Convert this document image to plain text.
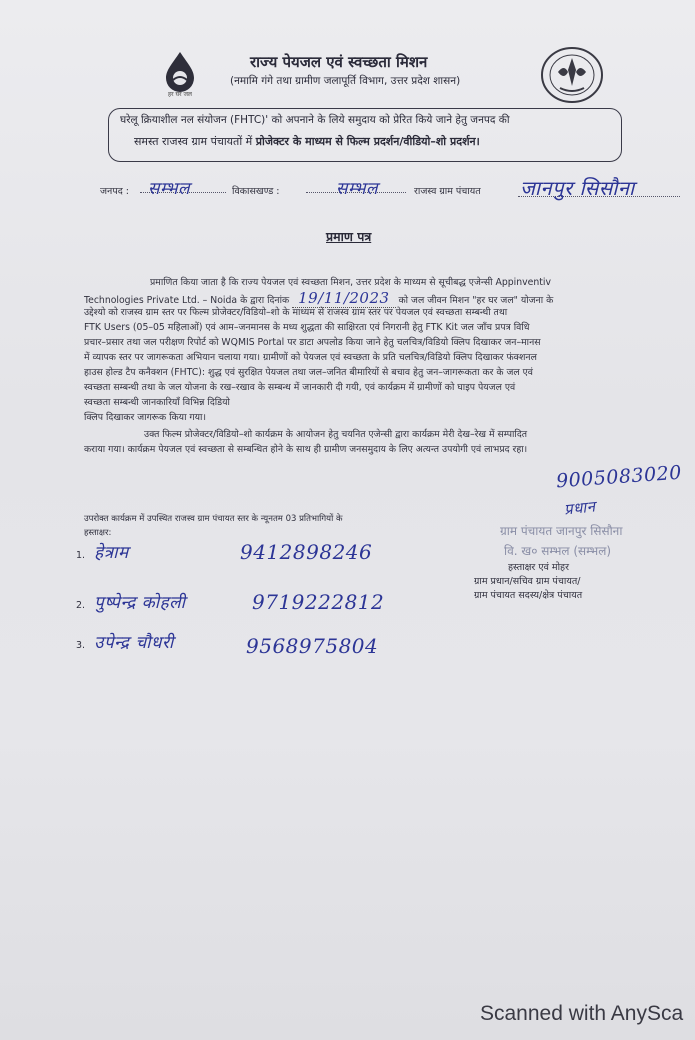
हर घर जल
राज्य पेयजल एवं स्वच्छता मिशन
(नमामि गंगे तथा ग्रामीण जलापूर्ति विभाग, उत्तर प्रदेश शासन)
घरेलू क्रियाशील नल संयोजन (FHTC)' को अपनाने के लिये समुदाय को प्रेरित किये जाने हेतु जनपद की
समस्त राजस्व ग्राम पंचायतों में प्रोजेक्टर के माध्यम से फिल्म प्रदर्शन/वीडियो–शो प्रदर्शन।
जनपद : सम्भल	विकासखण्ड :	सम्भल	राजस्व ग्राम पंचायत जानपुर सिसौना
प्रमाण पत्र
प्रमाणित किया जाता है कि राज्य पेयजल एवं स्वच्छता मिशन, उत्तर प्रदेश के माध्यम से सूचीबद्ध एजेन्सी Appinventiv
Technologies Private Ltd. – Noida के द्वारा दिनांक 19/11/2023 को जल जीवन मिशन "हर घर जल" योजना के
उद्देश्यो को राजस्व ग्राम स्तर पर फिल्म प्रोजेक्टर/विडियो–शो के माध्यम से राजस्व ग्राम स्तर पर पेयजल एवं स्वच्छता सम्बन्धी तथा
FTK Users (05–05 महिलाओं) एवं आम–जनमानस के मध्य शुद्धता की साक्षिरता एवं निगरानी हेतु FTK Kit जल जाँच प्रपत्र विधि
प्रचार–प्रसार तथा जल परीक्षण रिपोर्ट को WQMIS Portal पर डाटा अपलोड किया जाने हेतु चलचित्र/विडियो क्लिप दिखाकर जन–मानस
में व्यापक स्तर पर जागरूकता अभियान चलाया गया। ग्रामीणों को पेयजल एवं स्वच्छता के प्रति चलचित्र/विडियो क्लिप दिखाकर फंक्शनल
हाउस होल्ड टैप कनैक्शन (FHTC): शुद्ध एवं सुरक्षित पेयजल तथा जल–जनित बीमारियों से बचाव हेतु जन–जागरूकता कर के जल एवं
स्वच्छता सम्बन्धी तथा के जल योजना के रख–रखाव के सम्बन्ध में जानकारी दी गयी, एवं कार्यक्रम में ग्रामीणों को घाइप पेयजल एवं
स्वच्छता सम्बन्धी जानकारियाँ विभिन्न दिडियो
क्लिप दिखाकर जागरूक किया गया।
उक्त फिल्म प्रोजेक्टर/विडियो–शो कार्यक्रम के आयोजन हेतु चयनित एजेन्सी द्वारा कार्यक्रम मेरी देख–रेख में सम्पादित
कराया गया। कार्यक्रम पेयजल एवं स्वच्छता से सम्बन्धित होने के साथ ही ग्रामीण जनसमुदाय के लिए अत्यन्त उपयोगी एवं लाभप्रद रहा।
9005083020
प्रधान
ग्राम पंचायत जानपुर सिसौना
वि. ख० सम्भल (सम्भल)
हस्ताक्षर एवं मोहर
ग्राम प्रधान/सचिव ग्राम पंचायत/
ग्राम पंचायत सदस्य/क्षेत्र पंचायत
उपरोक्त कार्यक्रम में उपस्थित राजस्व ग्राम पंचायत स्तर के न्यूनतम 03 प्रतिभागियों के
हस्ताक्षर:
1. हेत्राम	9412898246
2. पुष्पेन्द्र कोहली	9719222812
3. उपेन्द्र चौधरी	9568975804
Scanned with AnySca
